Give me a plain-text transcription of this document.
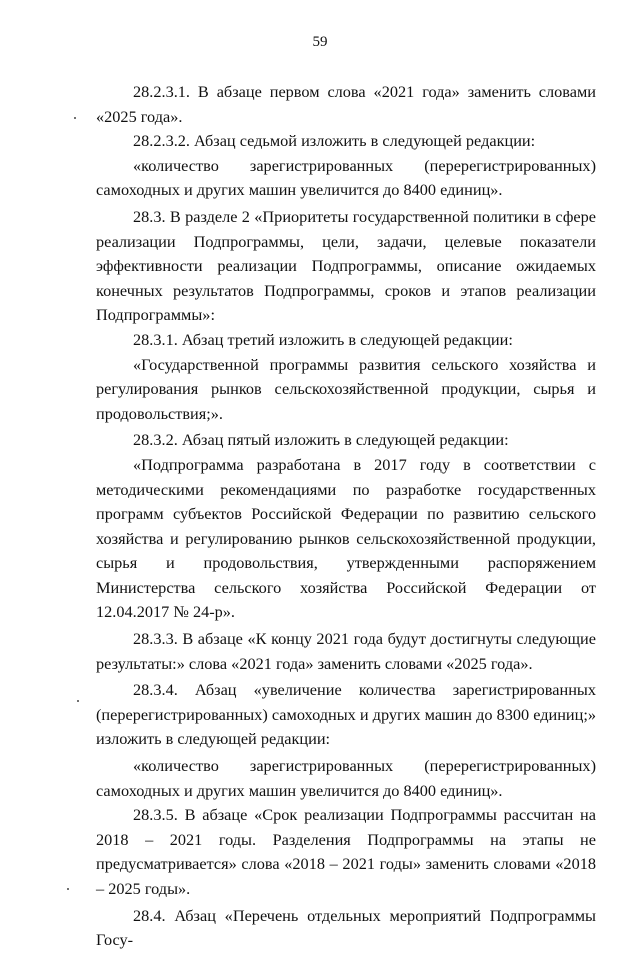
59

28.2.3.1. В абзаце первом слова «2021 года» заменить словами «2025 года».

28.2.3.2. Абзац седьмой изложить в следующей редакции:

«количество зарегистрированных (перерегистрированных) самоходных и других машин увеличится до 8400 единиц».

28.3. В разделе 2 «Приоритеты государственной политики в сфере реализации Подпрограммы, цели, задачи, целевые показатели эффективности реализации Подпрограммы, описание ожидаемых конечных результатов Подпрограммы, сроков и этапов реализации Подпрограммы»:

28.3.1. Абзац третий изложить в следующей редакции:

«Государственной программы развития сельского хозяйства и регулирования рынков сельскохозяйственной продукции, сырья и продовольствия;».

28.3.2. Абзац пятый изложить в следующей редакции:

«Подпрограмма разработана в 2017 году в соответствии с методическими рекомендациями по разработке государственных программ субъектов Российской Федерации по развитию сельского хозяйства и регулированию рынков сельскохозяйственной продукции, сырья и продовольствия, утвержденными распоряжением Министерства сельского хозяйства Российской Федерации от 12.04.2017 № 24-р».

28.3.3. В абзаце «К концу 2021 года будут достигнуты следующие результаты:» слова «2021 года» заменить словами «2025 года».

28.3.4. Абзац «увеличение количества зарегистрированных (перерегистрированных) самоходных и других машин до 8300 единиц;» изложить в следующей редакции:

«количество зарегистрированных (перерегистрированных) самоходных и других машин увеличится до 8400 единиц».

28.3.5. В абзаце «Срок реализации Подпрограммы рассчитан на 2018 – 2021 годы. Разделения Подпрограммы на этапы не предусматривается» слова «2018 – 2021 годы» заменить словами «2018 – 2025 годы».

28.4. Абзац «Перечень отдельных мероприятий Подпрограммы Госу-
